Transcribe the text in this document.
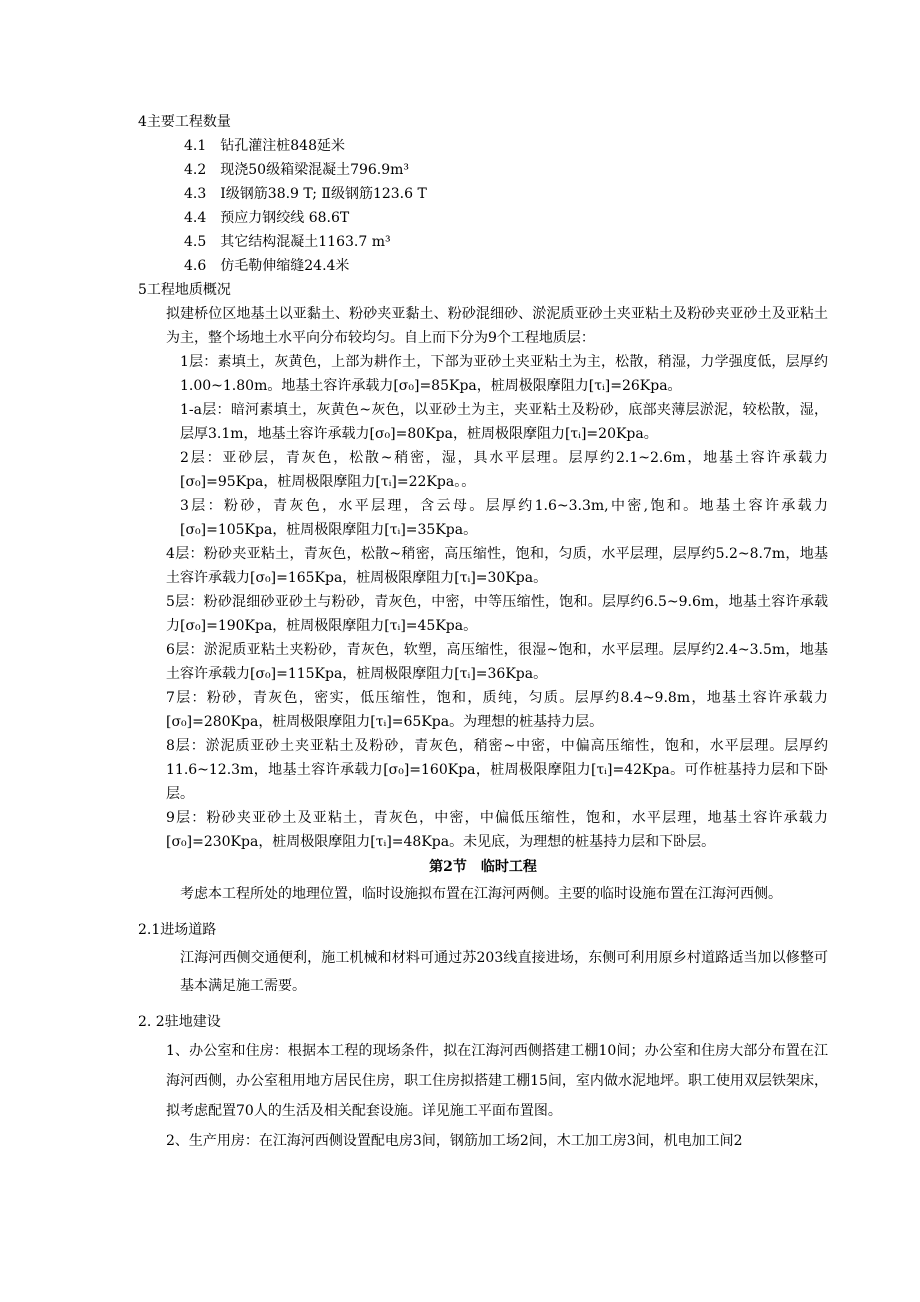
4主要工程数量
4.1　钻孔灌注桩848延米
4.2　现浇50级箱梁混凝土796.9m³
4.3　Ⅰ级钢筋38.9 T; Ⅱ级钢筋123.6 T
4.4　预应力钢绞线 68.6T
4.5　其它结构混凝土1163.7 m³
4.6　仿毛勒伸缩缝24.4米
5工程地质概况
拟建桥位区地基土以亚黏土、粉砂夹亚黏土、粉砂混细砂、淤泥质亚砂土夹亚粘土及粉砂夹亚砂土及亚粘土为主，整个场地土水平向分布较均匀。自上而下分为9个工程地质层：
1层：素填土，灰黄色，上部为耕作土，下部为亚砂土夹亚粘土为主，松散，稍湿，力学强度低，层厚约1.00~1.80m。地基土容许承载力[σ₀]=85Kpa，桩周极限摩阻力[τᵢ]=26Kpa。
1-a层：暗河素填土，灰黄色~灰色，以亚砂土为主，夹亚粘土及粉砂，底部夹薄层淤泥，较松散，湿，层厚3.1m，地基土容许承载力[σ₀]=80Kpa，桩周极限摩阻力[τᵢ]=20Kpa。
2层：亚砂层，青灰色，松散~稍密，湿，具水平层理。层厚约2.1~2.6m，地基土容许承载力[σ₀]=95Kpa，桩周极限摩阻力[τᵢ]=22Kpa。。
3层：粉砂，青灰色，水平层理，含云母。层厚约1.6~3.3m,中密,饱和。地基土容许承载力[σ₀]=105Kpa，桩周极限摩阻力[τᵢ]=35Kpa。
4层：粉砂夹亚粘土，青灰色，松散~稍密，高压缩性，饱和，匀质，水平层理，层厚约5.2~8.7m，地基土容许承载力[σ₀]=165Kpa，桩周极限摩阻力[τᵢ]=30Kpa。
5层：粉砂混细砂亚砂土与粉砂，青灰色，中密，中等压缩性，饱和。层厚约6.5~9.6m，地基土容许承载力[σ₀]=190Kpa，桩周极限摩阻力[τᵢ]=45Kpa。
6层：淤泥质亚粘土夹粉砂，青灰色，软塑，高压缩性，很湿~饱和，水平层理。层厚约2.4~3.5m，地基土容许承载力[σ₀]=115Kpa，桩周极限摩阻力[τᵢ]=36Kpa。
7层：粉砂，青灰色，密实，低压缩性，饱和，质纯，匀质。层厚约8.4~9.8m，地基土容许承载力[σ₀]=280Kpa，桩周极限摩阻力[τᵢ]=65Kpa。为理想的桩基持力层。
8层：淤泥质亚砂土夹亚粘土及粉砂，青灰色，稍密~中密，中偏高压缩性，饱和，水平层理。层厚约11.6~12.3m，地基土容许承载力[σ₀]=160Kpa，桩周极限摩阻力[τᵢ]=42Kpa。可作桩基持力层和下卧层。
9层：粉砂夹亚砂土及亚粘土，青灰色，中密，中偏低压缩性，饱和，水平层理，地基土容许承载力[σ₀]=230Kpa，桩周极限摩阻力[τᵢ]=48Kpa。未见底，为理想的桩基持力层和下卧层。
第2节　临时工程
考虑本工程所处的地理位置，临时设施拟布置在江海河两侧。主要的临时设施布置在江海河西侧。
2.1进场道路
江海河西侧交通便利，施工机械和材料可通过苏203线直接进场，东侧可利用原乡村道路适当加以修整可基本满足施工需要。
2. 2驻地建设
1、办公室和住房：根据本工程的现场条件，拟在江海河西侧搭建工棚10间；办公室和住房大部分布置在江海河西侧，办公室租用地方居民住房，职工住房拟搭建工棚15间，室内做水泥地坪。职工使用双层铁架床，拟考虑配置70人的生活及相关配套设施。详见施工平面布置图。
2、生产用房：在江海河西侧设置配电房3间，钢筋加工场2间，木工加工房3间，机电加工间2
